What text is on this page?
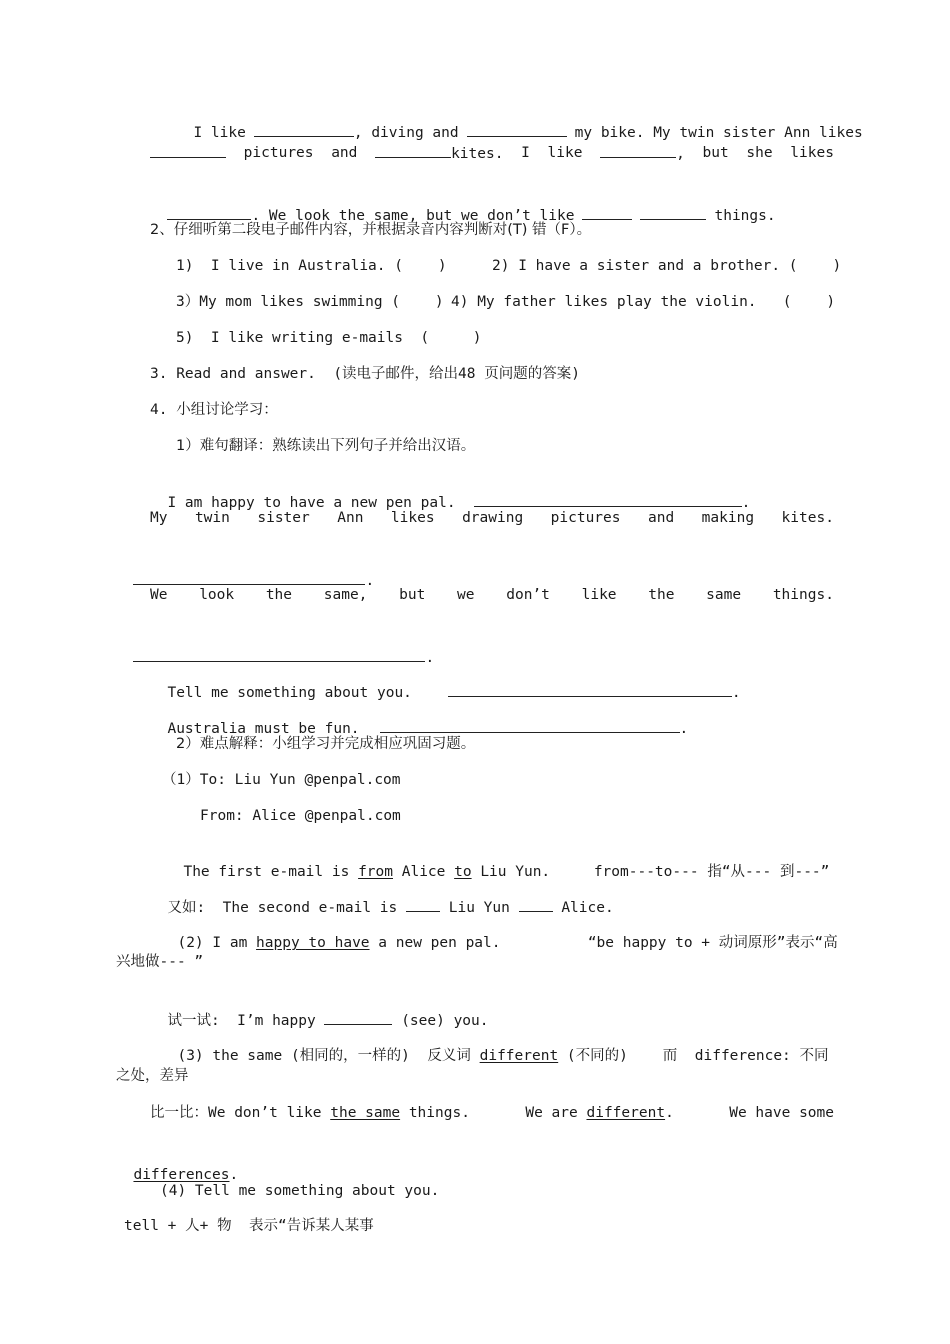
I like	, diving and	my bike. My twin sister Ann likes

pictures and	kites. I like	, but she likes

. We look the same, but we don’t like	things.

2、仔细听第二段电子邮件内容，并根据录音内容判断对(T) 错（F）。
1)  I live in Australia. (    )	2) I have a sister and a brother. (    )
3）My mom likes swimming (    ) 4) My father likes play the violin.   (    )
5)  I like writing e-mails  (     )
3. Read and answer.  (读电子邮件，给出48 页问题的答案)
4. 小组讨论学习：
1）难句翻译：熟练读出下列句子并给出汉语。

I am happy to have a new pen pal.	.

My twin sister Ann likes drawing pictures and making kites.

.

We look the same, but we don’t like the same things.

.

Tell me something about you.	.

Australia must be fun.	.

2）难点解释：小组学习并完成相应巩固习题。
（1）To: Liu Yun @penpal.com
From: Alice @penpal.com

The first e-mail is from Alice to Liu Yun.	from---to--- 指“从--- 到---”

又如:  The second e-mail is	Liu Yun	Alice.

(2) I am happy to have a new pen pal.	“be happy to + 动词原形”表示“高

兴地做--- ”

试一试:  I’m happy	(see) you.

(3) the same (相同的，一样的)  反义词 different (不同的)    而  difference: 不同

之处，差异
比一比：We don’t like the same things.	We are different.	We have some

differences.

(4) Tell me something about you.
tell + 人+ 物  表示“告诉某人某事
